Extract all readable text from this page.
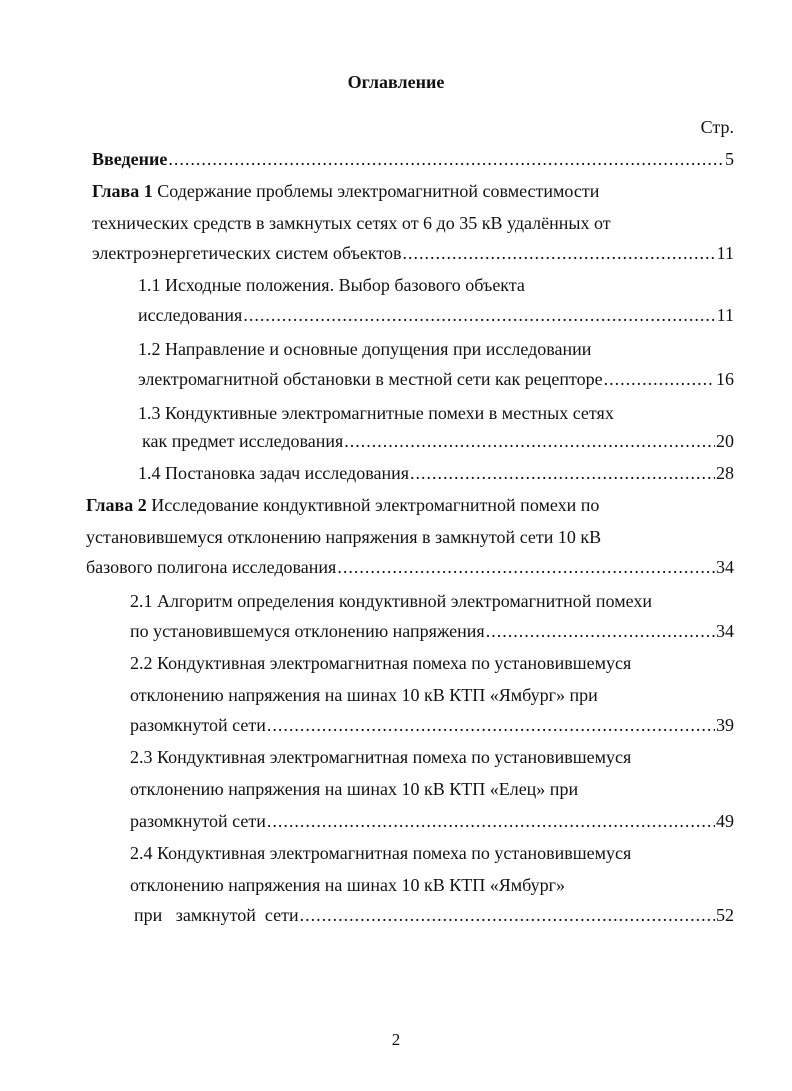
Оглавление
Стр.
Введение .....	5
Глава 1 Содержание проблемы электромагнитной совместимости
технических средств в замкнутых сетях от 6 до 35 кВ удалённых от
электроэнергетических систем объектов .....	11
1.1 Исходные положения. Выбор базового объекта
исследования .....	11
1.2 Направление и основные допущения при исследовании
электромагнитной обстановки в местной сети как рецепторе .....	16
1.3 Кондуктивные электромагнитные помехи в местных сетях
как предмет исследования .....	20
1.4 Постановка задач исследования .....	28
Глава 2 Исследование кондуктивной электромагнитной помехи по
установившемуся отклонению напряжения в замкнутой сети 10 кВ
базового полигона исследования .....	34
2.1 Алгоритм определения кондуктивной электромагнитной помехи
по установившемуся отклонению напряжения .....	34
2.2 Кондуктивная электромагнитная помеха по установившемуся
отклонению напряжения на шинах 10 кВ КТП «Ямбург» при
разомкнутой сети .....	39
2.3 Кондуктивная электромагнитная помеха по установившемуся
отклонению напряжения на шинах 10 кВ КТП «Елец» при
разомкнутой сети .....	49
2.4 Кондуктивная электромагнитная помеха по установившемуся
отклонению напряжения на шинах 10 кВ КТП «Ямбург»
при   замкнутой  сети .....	52
2
